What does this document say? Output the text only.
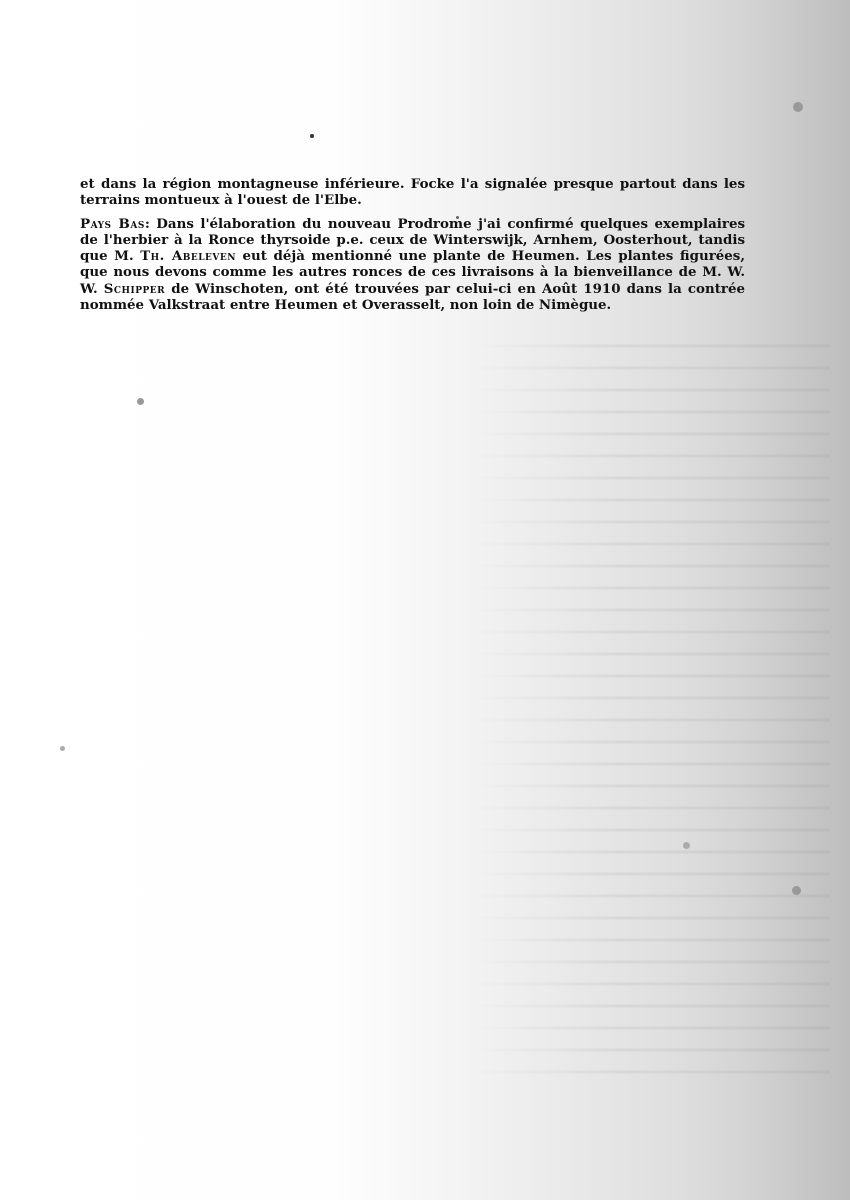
et dans la région montagneuse inférieure. Focke l'a signalée presque partout dans les terrains montueux à l'ouest de l'Elbe.

Pays Bas: Dans l'élaboration du nouveau Prodrome j'ai confirmé quelques exemplaires de l'herbier à la Ronce thyrsoide p.e. ceux de Winterswijk, Arnhem, Oosterhout, tandis que M. Th. Abeleven eut déjà mentionné une plante de Heumen. Les plantes figurées, que nous devons comme les autres ronces de ces livraisons à la bienveillance de M. W. W. Schipper de Winschoten, ont été trouvées par celui-ci en Août 1910 dans la contrée nommée Valkstraat entre Heumen et Overasselt, non loin de Nimègue.
